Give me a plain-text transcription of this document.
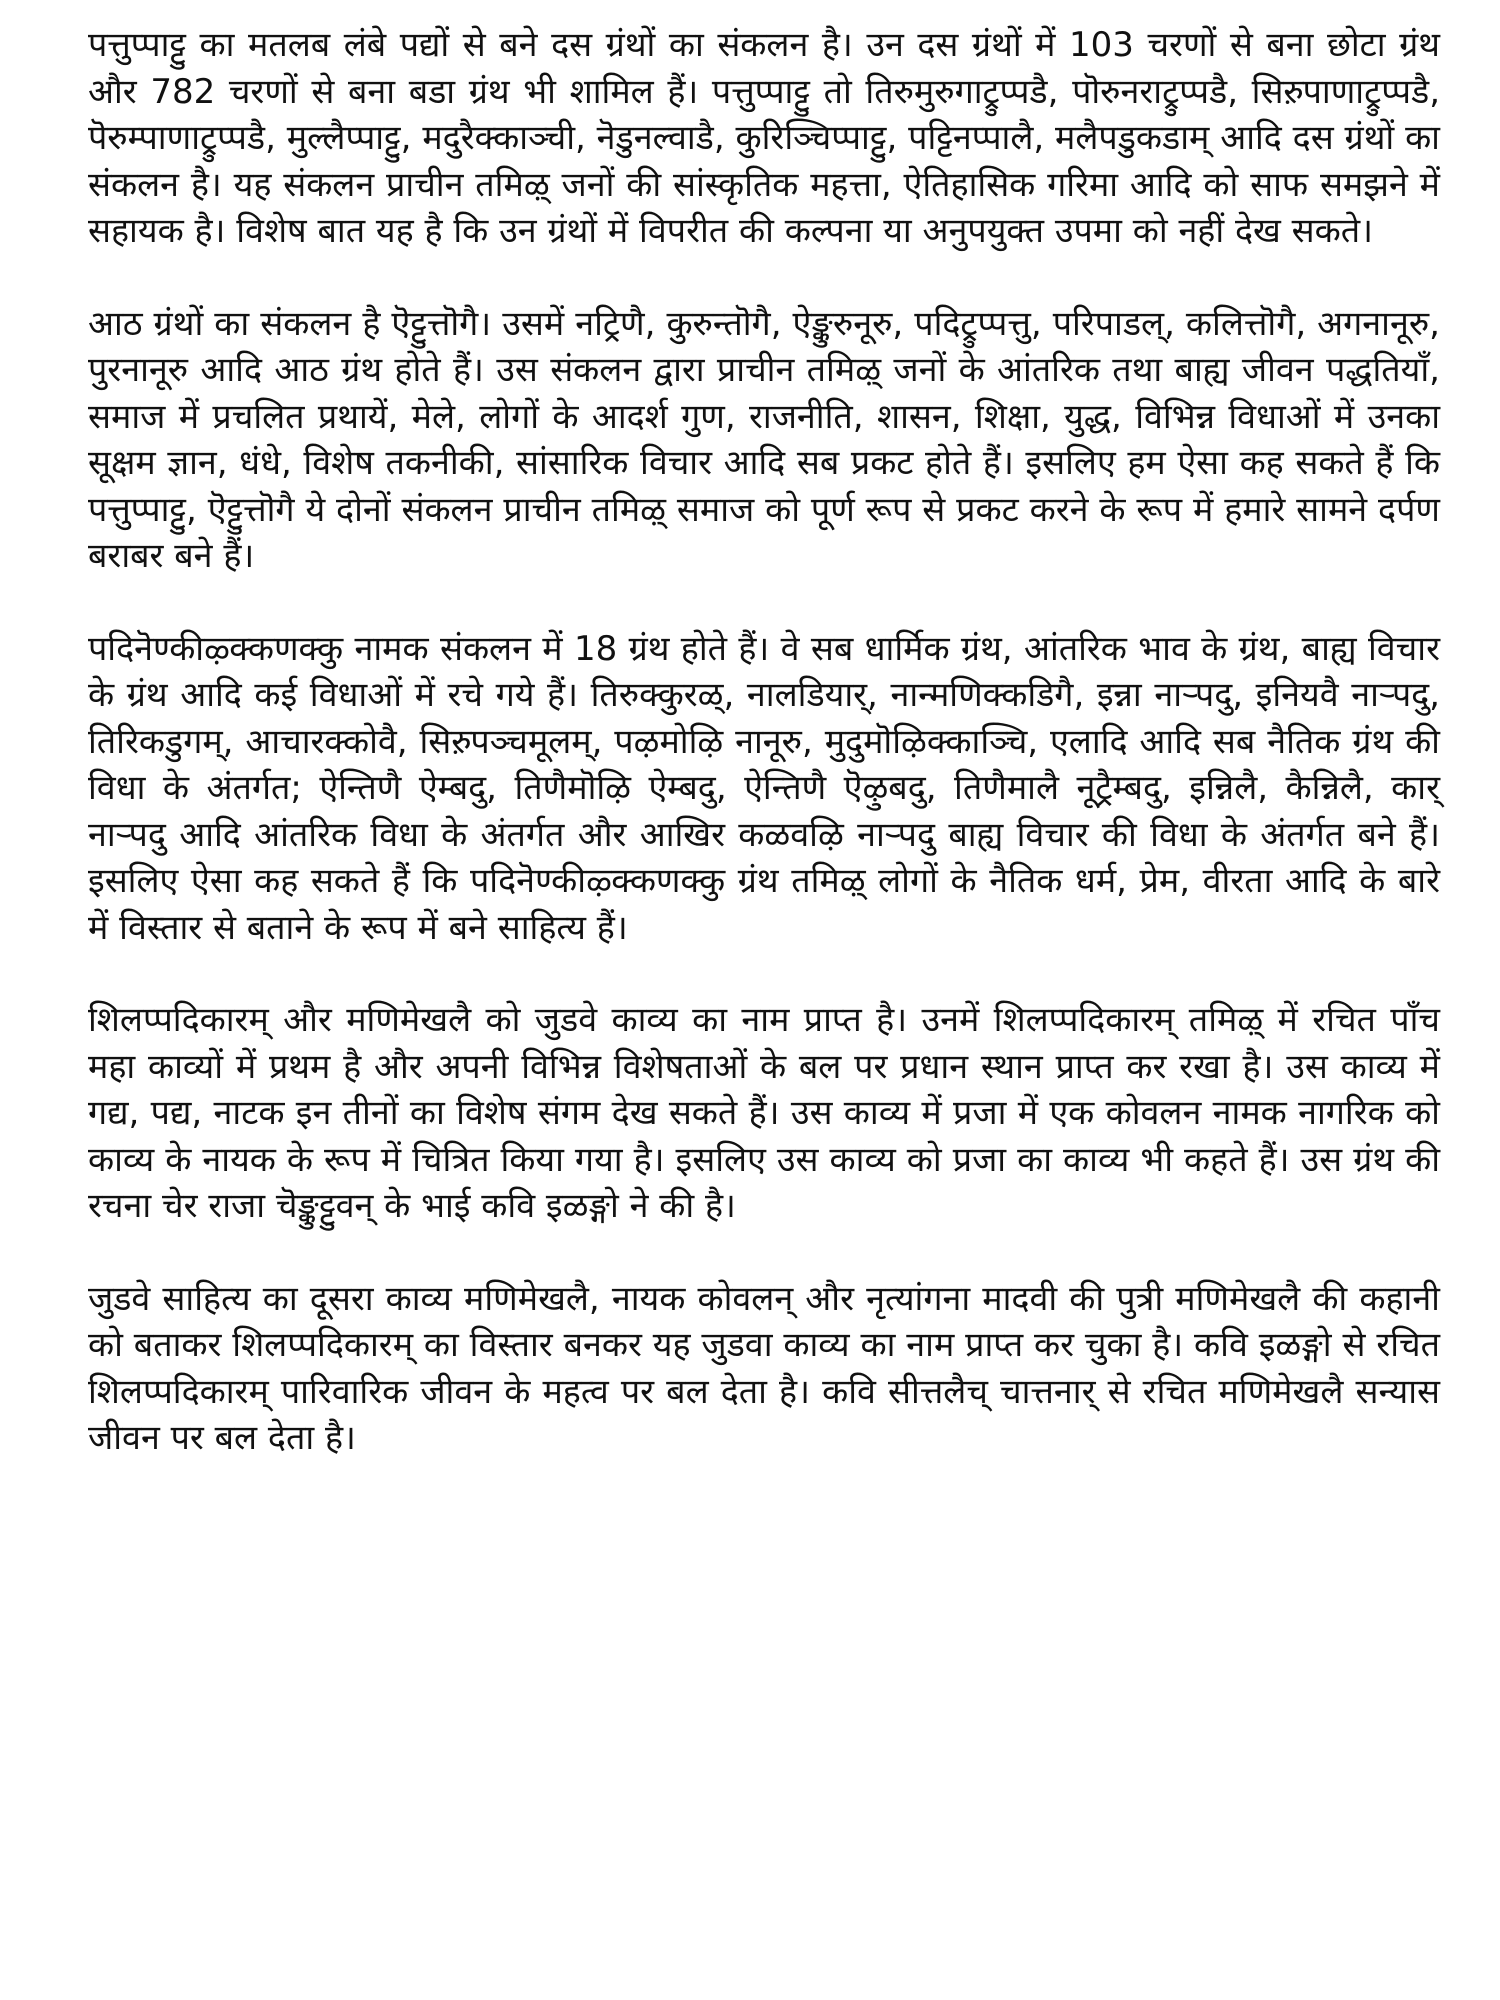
पत्तुप्पाट्टु का मतलब लंबे पद्यों से बने दस ग्रंथों का संकलन है। उन दस ग्रंथों में 103 चरणों से बना छोटा ग्रंथ और 782 चरणों से बना बडा ग्रंथ भी शामिल हैं। पत्तुप्पाट्टु तो तिरुमुरुगाट्रुप्पडै, पॊरुनराट्रुप्पडै, सिऱुपाणाट्रुप्पडै, पॆरुम्पाणाट्रुप्पडै, मुल्लैप्पाट्टु, मदुरैक्काञ्ची, नॆडुनल्वाडै, कुरिञ्चिप्पाट्टु, पट्टिनप्पालै, मलैपडुकडाम् आदि दस ग्रंथों का संकलन है। यह संकलन प्राचीन तमिऴ् जनों की सांस्कृतिक महत्ता, ऐतिहासिक गरिमा आदि को साफ समझने में सहायक है। विशेष बात यह है कि उन ग्रंथों में विपरीत की कल्पना या अनुपयुक्त उपमा को नहीं देख सकते।

आठ ग्रंथों का संकलन है ऎट्टुत्तॊगै। उसमें नट्रिणै, कुरुन्तॊगै, ऐङ्कुरुनूरु, पदिट्रुप्पत्तु, परिपाडल्, कलित्तॊगै, अगनानूरु, पुरनानूरु आदि आठ ग्रंथ होते हैं। उस संकलन द्वारा प्राचीन तमिऴ् जनों के आंतरिक तथा बाह्य जीवन पद्धतियाँ, समाज में प्रचलित प्रथायें, मेले, लोगों के आदर्श गुण, राजनीति, शासन, शिक्षा, युद्ध, विभिन्न विधाओं में उनका सूक्षम ज्ञान, धंधे, विशेष तकनीकी, सांसारिक विचार आदि सब प्रकट होते हैं। इसलिए हम ऐसा कह सकते हैं कि पत्तुप्पाट्टु, ऎट्टुत्तॊगै ये दोनों संकलन प्राचीन तमिऴ् समाज को पूर्ण रूप से प्रकट करने के रूप में हमारे सामने दर्पण बराबर बने हैं।

पदिनॆण्कीऴ्क्कणक्कु नामक संकलन में 18 ग्रंथ होते हैं। वे सब धार्मिक ग्रंथ, आंतरिक भाव के ग्रंथ, बाह्य विचार के ग्रंथ आदि कई विधाओं में रचे गये हैं। तिरुक्कुरळ्, नालडियार्, नान्मणिक्कडिगै, इन्ना नाऱ्पदु, इनियवै नाऱ्पदु, तिरिकडुगम्, आचारक्कोवै, सिऱुपञ्चमूलम्, पऴमोऴि नानूरु, मुदुमॊऴिक्काञ्चि, एलादि आदि सब नैतिक ग्रंथ की विधा के अंतर्गत; ऐन्तिणै ऐम्बदु, तिणैमॊऴि ऐम्बदु, ऐन्तिणै ऎऴुबदु, तिणैमालै नूट्रैम्बदु, इन्निलै, कैन्निलै, कार् नाऱ्पदु आदि आंतरिक विधा के अंतर्गत और आखिर कळवऴि नाऱ्पदु बाह्य विचार की विधा के अंतर्गत बने हैं। इसलिए ऐसा कह सकते हैं कि पदिनॆण्कीऴ्क्कणक्कु ग्रंथ तमिऴ् लोगों के नैतिक धर्म, प्रेम, वीरता आदि के बारे में विस्तार से बताने के रूप में बने साहित्य हैं।

शिलप्पदिकारम् और मणिमेखलै को जुडवे काव्य का नाम प्राप्त है। उनमें शिलप्पदिकारम् तमिऴ् में रचित पाँच महा काव्यों में प्रथम है और अपनी विभिन्न विशेषताओं के बल पर प्रधान स्थान प्राप्त कर रखा है। उस काव्य में गद्य, पद्य, नाटक इन तीनों का विशेष संगम देख सकते हैं। उस काव्य में प्रजा में एक कोवलन नामक नागरिक को काव्य के नायक के रूप में चित्रित किया गया है। इसलिए उस काव्य को प्रजा का काव्य भी कहते हैं। उस ग्रंथ की रचना चेर राजा चॆङ्कुट्टुवन् के भाई कवि इळङ्गो ने की है।

जुडवे साहित्य का दूसरा काव्य मणिमेखलै, नायक कोवलन् और नृत्यांगना मादवी की पुत्री मणिमेखलै की कहानी को बताकर शिलप्पदिकारम् का विस्तार बनकर यह जुडवा काव्य का नाम प्राप्त कर चुका है। कवि इळङ्गो से रचित शिलप्पदिकारम् पारिवारिक जीवन के महत्व पर बल देता है। कवि सीत्तलैच् चात्तनार् से रचित मणिमेखलै सन्यास जीवन पर बल देता है।
